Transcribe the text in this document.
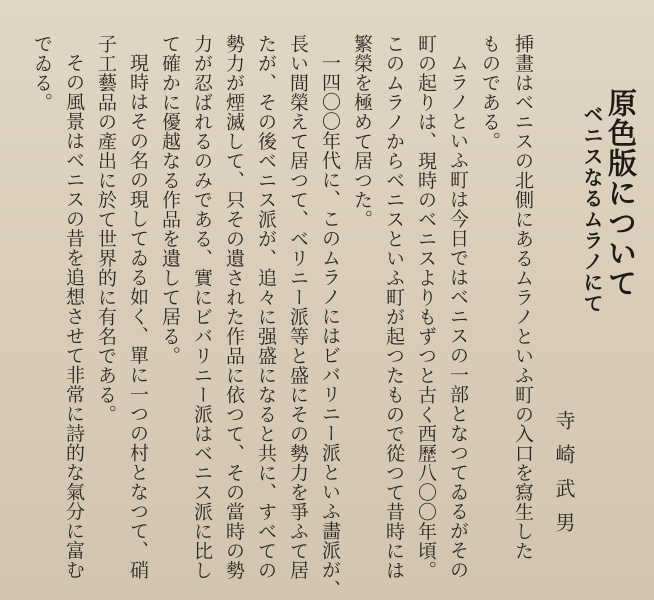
原色版について
ベニスなるムラノにて
寺崎武男

挿畫はベニスの北側にあるムラノといふ町の入口を寫生した

ものである。

ムラノといふ町は今日ではベニスの一部となつてゐるがその

町の起りは、現時のベニスよりもずつと古く西歷八〇〇年頃。

このムラノからベニスといふ町が起つたもので從つて昔時には

繁榮を極めて居つた。

一四〇〇年代に、このムラノにはビバリニー派といふ畵派が、

長い間榮えて居つて、ベリニー派等と盛にその勢力を爭ふて居

たが、その後ベニス派が、追々に强盛になると共に、すべての

勢力が煙滅して、只その遺された作品に依つて、その當時の勢

力が忍ばれるのみである、實にビバリニー派はベニス派に比し

て確かに優越なる作品を遺して居る。

現時はその名の現してゐる如く、單に一つの村となつて、硝

子工藝品の產出に於て世界的に有名である。

その風景はベニスの昔を追想させて非常に詩的な氣分に富む

でゐる。
